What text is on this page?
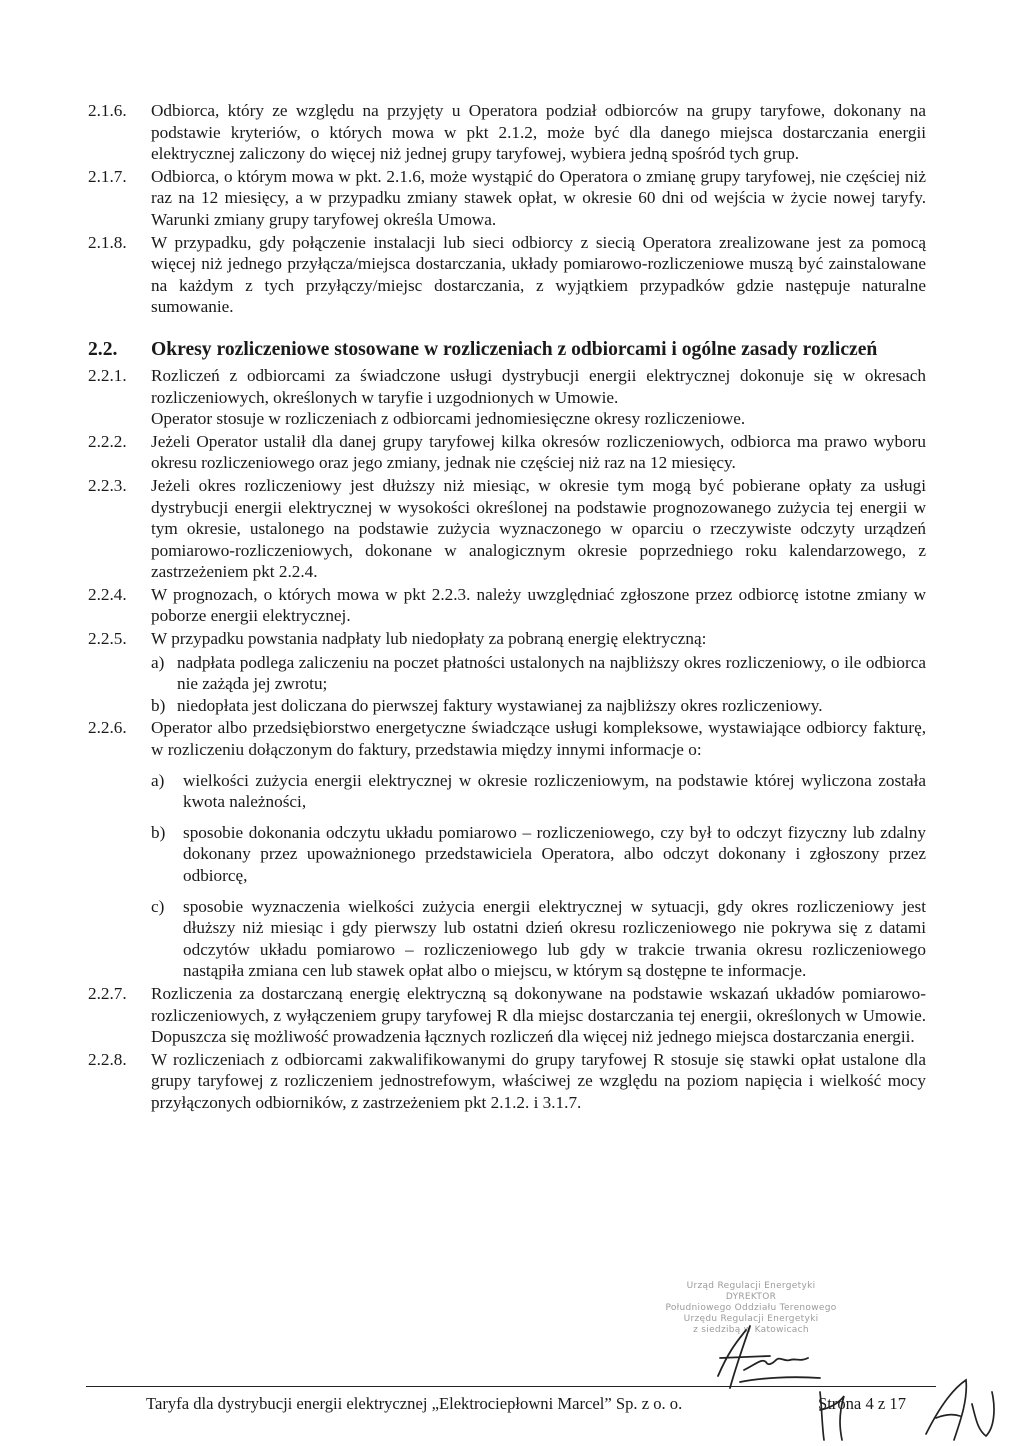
2.1.6. Odbiorca, który ze względu na przyjęty u Operatora podział odbiorców na grupy taryfowe, dokonany na podstawie kryteriów, o których mowa w pkt 2.1.2, może być dla danego miejsca dostarczania energii elektrycznej zaliczony do więcej niż jednej grupy taryfowej, wybiera jedną spośród tych grup.

2.1.7. Odbiorca, o którym mowa w pkt. 2.1.6, może wystąpić do Operatora o zmianę grupy taryfowej, nie częściej niż raz na 12 miesięcy, a w przypadku zmiany stawek opłat, w okresie 60 dni od wejścia w życie nowej taryfy. Warunki zmiany grupy taryfowej określa Umowa.

2.1.8. W przypadku, gdy połączenie instalacji lub sieci odbiorcy z siecią Operatora zrealizowane jest za pomocą więcej niż jednego przyłącza/miejsca dostarczania, układy pomiarowo-rozliczeniowe muszą być zainstalowane na każdym z tych przyłączy/miejsc dostarczania, z wyjątkiem przypadków gdzie następuje naturalne sumowanie.

2.2. Okresy rozliczeniowe stosowane w rozliczeniach z odbiorcami i ogólne zasady rozliczeń
2.2.1. Rozliczeń z odbiorcami za świadczone usługi dystrybucji energii elektrycznej dokonuje się w okresach rozliczeniowych, określonych w taryfie i uzgodnionych w Umowie.

Operator stosuje w rozliczeniach z odbiorcami jednomiesięczne okresy rozliczeniowe.

2.2.2. Jeżeli Operator ustalił dla danej grupy taryfowej kilka okresów rozliczeniowych, odbiorca ma prawo wyboru okresu rozliczeniowego oraz jego zmiany, jednak nie częściej niż raz na 12 miesięcy.

2.2.3. Jeżeli okres rozliczeniowy jest dłuższy niż miesiąc, w okresie tym mogą być pobierane opłaty za usługi dystrybucji energii elektrycznej w wysokości określonej na podstawie prognozowanego zużycia tej energii w tym okresie, ustalonego na podstawie zużycia wyznaczonego w oparciu o rzeczywiste odczyty urządzeń pomiarowo-rozliczeniowych, dokonane w analogicznym okresie poprzedniego roku kalendarzowego, z zastrzeżeniem pkt 2.2.4.

2.2.4. W prognozach, o których mowa w pkt 2.2.3. należy uwzględniać zgłoszone przez odbiorcę istotne zmiany w poborze energii elektrycznej.

2.2.5. W przypadku powstania nadpłaty lub niedopłaty za pobraną energię elektryczną:

a) nadpłata podlega zaliczeniu na poczet płatności ustalonych na najbliższy okres rozliczeniowy, o ile odbiorca nie zażąda jej zwrotu;
b) niedopłata jest doliczana do pierwszej faktury wystawianej za najbliższy okres rozliczeniowy.
2.2.6. Operator albo przedsiębiorstwo energetyczne świadczące usługi kompleksowe, wystawiające odbiorcy fakturę, w rozliczeniu dołączonym do faktury, przedstawia między innymi informacje o:

a) wielkości zużycia energii elektrycznej w okresie rozliczeniowym, na podstawie której wyliczona została kwota należności,
b) sposobie dokonania odczytu układu pomiarowo – rozliczeniowego, czy był to odczyt fizyczny lub zdalny dokonany przez upoważnionego przedstawiciela Operatora, albo odczyt dokonany i zgłoszony przez odbiorcę,
c) sposobie wyznaczenia wielkości zużycia energii elektrycznej w sytuacji, gdy okres rozliczeniowy jest dłuższy niż miesiąc i gdy pierwszy lub ostatni dzień okresu rozliczeniowego nie pokrywa się z datami odczytów układu pomiarowo – rozliczeniowego lub gdy w trakcie trwania okresu rozliczeniowego nastąpiła zmiana cen lub stawek opłat albo o miejscu, w którym są dostępne te informacje.
2.2.7. Rozliczenia za dostarczaną energię elektryczną są dokonywane na podstawie wskazań układów pomiarowo-rozliczeniowych, z wyłączeniem grupy taryfowej R dla miejsc dostarczania tej energii, określonych w Umowie. Dopuszcza się możliwość prowadzenia łącznych rozliczeń dla więcej niż jednego miejsca dostarczania energii.

2.2.8. W rozliczeniach z odbiorcami zakwalifikowanymi do grupy taryfowej R stosuje się stawki opłat ustalone dla grupy taryfowej z rozliczeniem jednostrefowym, właściwej ze względu na poziom napięcia i wielkość mocy przyłączonych odbiorników, z zastrzeżeniem pkt 2.1.2. i 3.1.7.

Urząd Regulacji Energetyki
DYREKTOR
Południowego Oddziału Terenowego
Urzędu Regulacji Energetyki
z siedzibą w Katowicach
Taryfa dla dystrybucji energii elektrycznej „Elektrociepłowni Marcel” Sp. z o. o.	Strona 4 z 17
